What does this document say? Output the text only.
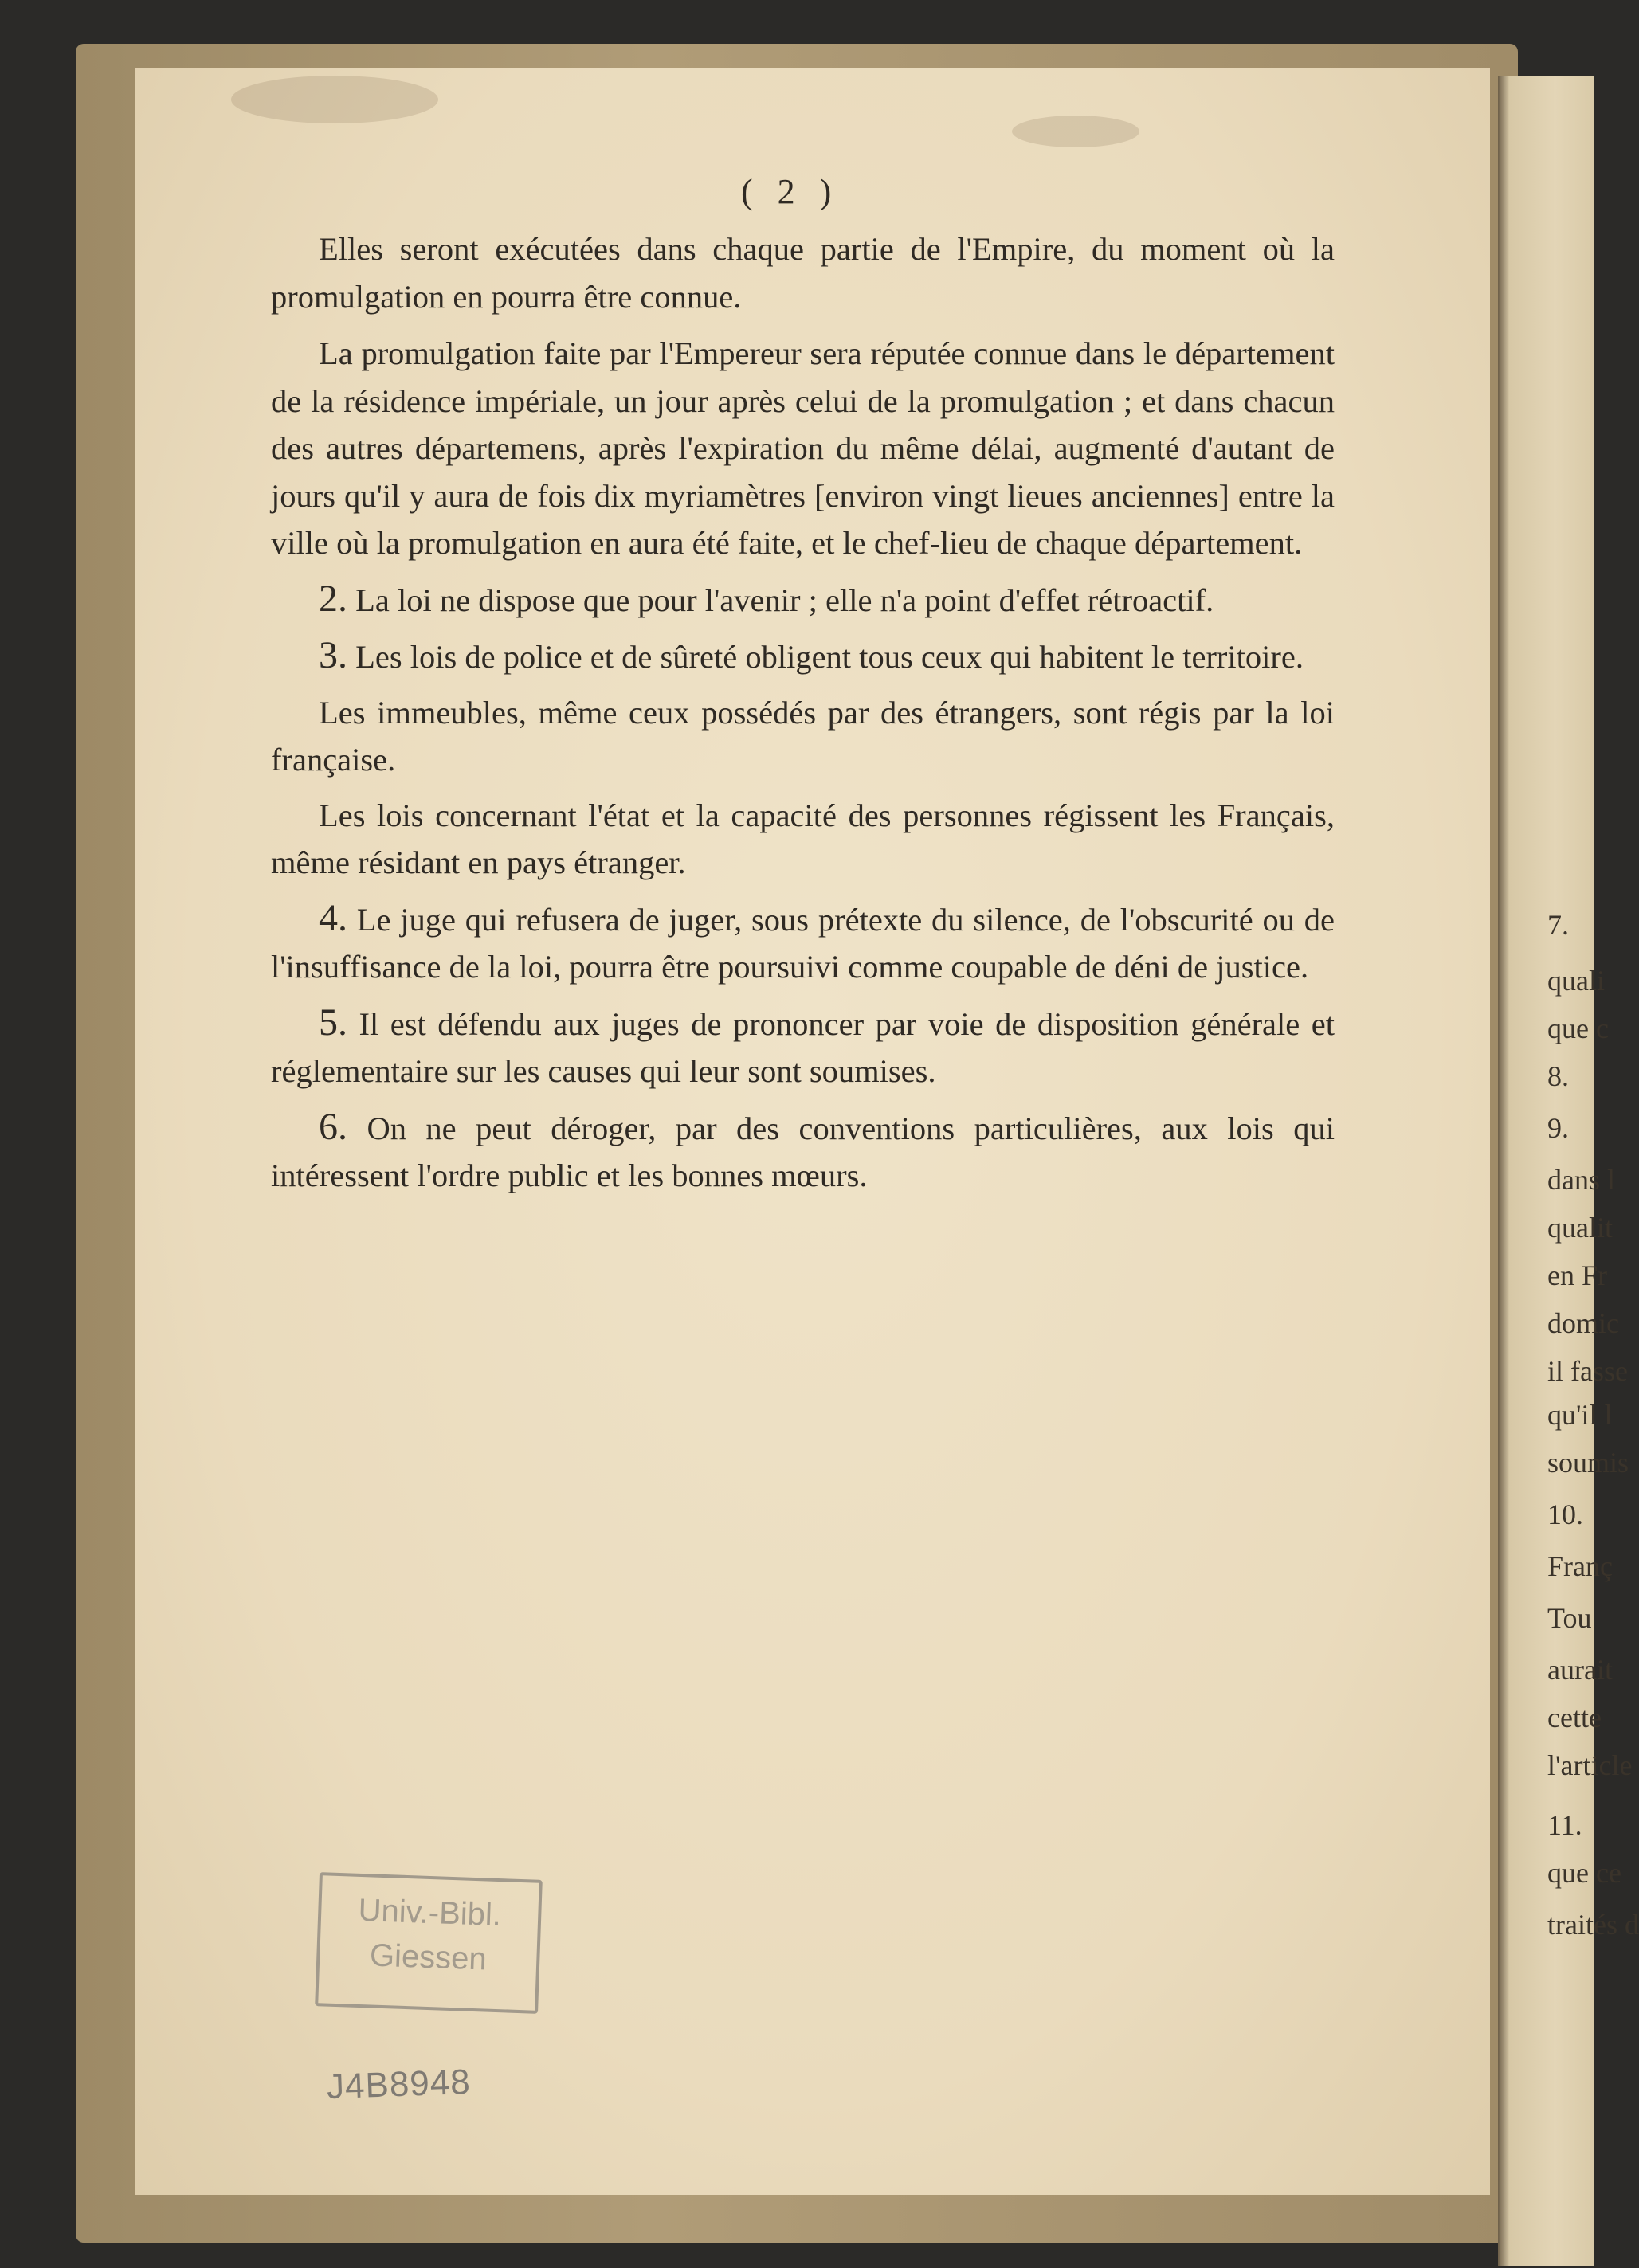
7.
quali
que c
8.
9.
dans l
qualit
en Fr
domic
il fasse
qu'il l
soumis
10.
Franç
Tou
aurait
cette
l'article
11.
que ce
traités d
( 2 )

Elles seront exécutées dans chaque partie de l'Empire, du moment où la promulgation en pourra être connue.

La promulgation faite par l'Empereur sera réputée connue dans le département de la résidence impériale, un jour après celui de la promulgation ; et dans chacun des autres départemens, après l'expiration du même délai, augmenté d'autant de jours qu'il y aura de fois dix myriamètres [environ vingt lieues anciennes] entre la ville où la promulgation en aura été faite, et le chef-lieu de chaque département.

2. La loi ne dispose que pour l'avenir ; elle n'a point d'effet rétroactif.

3. Les lois de police et de sûreté obligent tous ceux qui habitent le territoire.

Les immeubles, même ceux possédés par des étrangers, sont régis par la loi française.

Les lois concernant l'état et la capacité des personnes régissent les Français, même résidant en pays étranger.

4. Le juge qui refusera de juger, sous prétexte du silence, de l'obscurité ou de l'insuffisance de la loi, pourra être poursuivi comme coupable de déni de justice.

5. Il est défendu aux juges de prononcer par voie de disposition générale et réglementaire sur les causes qui leur sont soumises.

6. On ne peut déroger, par des conventions particulières, aux lois qui intéressent l'ordre public et les bonnes mœurs.

Univ.-Bibl.
Giessen
J4B8948
